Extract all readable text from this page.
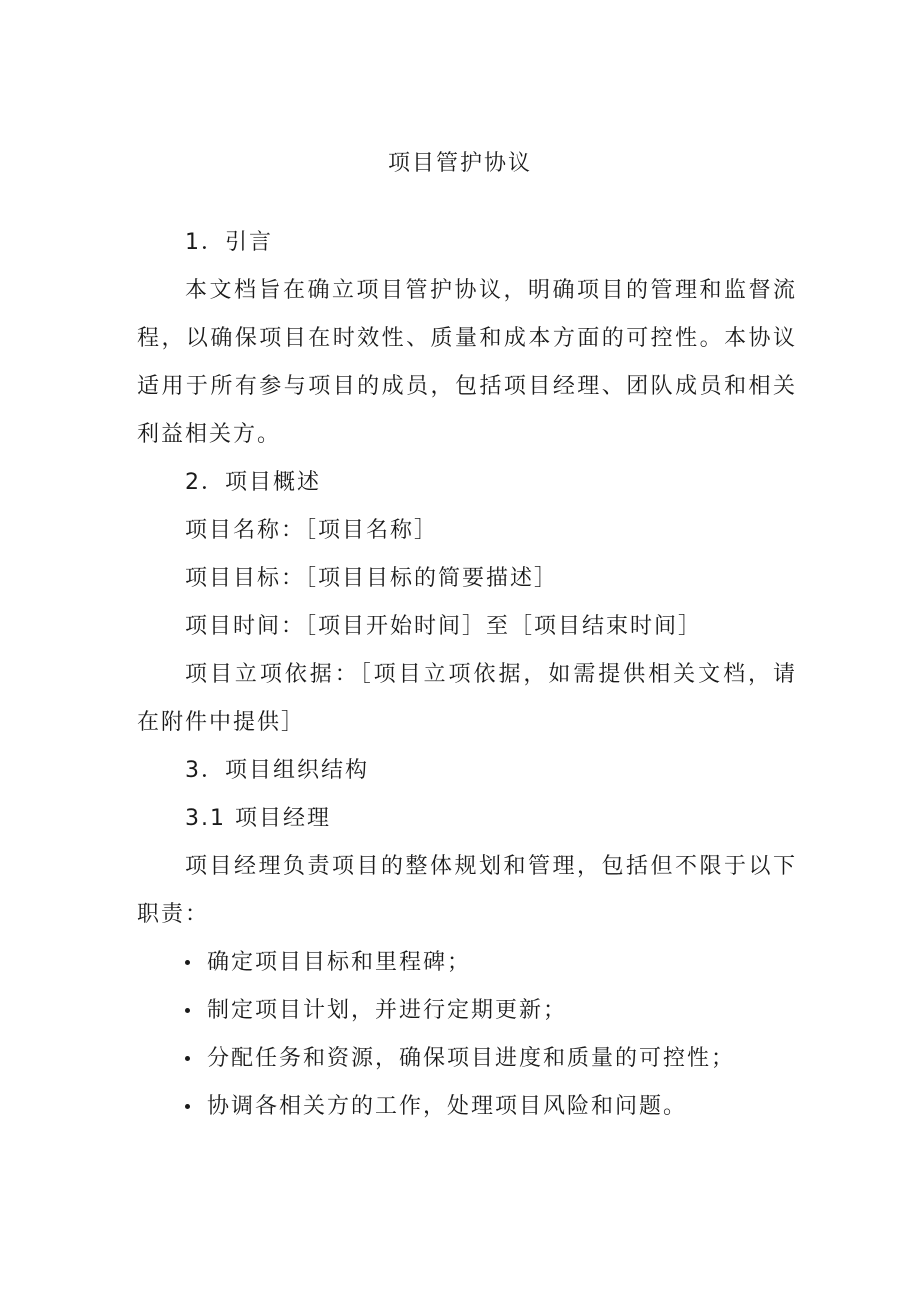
项目管护协议

1．引言

本文档旨在确立项目管护协议，明确项目的管理和监督流程，以确保项目在时效性、质量和成本方面的可控性。本协议适用于所有参与项目的成员，包括项目经理、团队成员和相关利益相关方。

2．项目概述

项目名称：［项目名称］

项目目标：［项目目标的简要描述］

项目时间：［项目开始时间］至［项目结束时间］

项目立项依据：［项目立项依据，如需提供相关文档，请在附件中提供］

3．项目组织结构

3.1 项目经理

项目经理负责项目的整体规划和管理，包括但不限于以下职责：

确定项目目标和里程碑；
制定项目计划，并进行定期更新；
分配任务和资源，确保项目进度和质量的可控性；
协调各相关方的工作，处理项目风险和问题。
